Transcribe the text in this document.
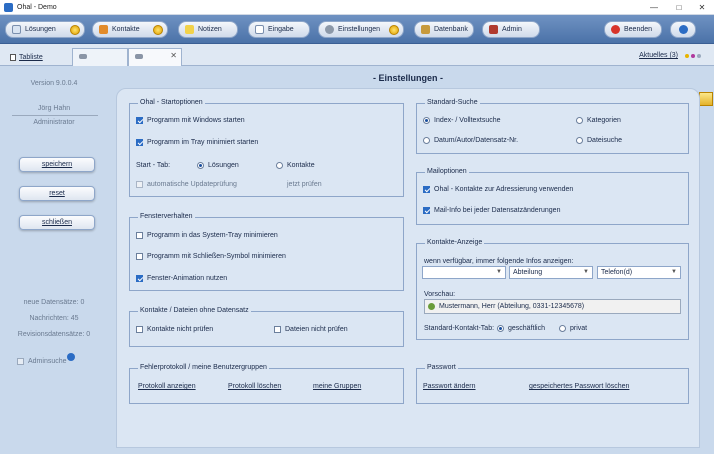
Ohal - Demo	—	□	✕
Lösungen	Kontakte	Notizen	Eingabe	Einstellungen	Datenbank	Admin	Beenden
Tabliste	✕	Aktuelles (3)
Version 9.0.0.4
Jörg Hahn
Administrator
speichern
reset
schließen
neue Datensätze: 0
Nachrichten: 45
Revisionsdatensätze: 0
Adminsuche
- Einstellungen -
Ohal - Startoptionen
Programm mit Windows starten
Programm im Tray minimiert starten
Start - Tab:	Lösungen	Kontakte
automatische Updateprüfung	jetzt prüfen
Fensterverhalten
Programm in das System-Tray minimieren
Programm mit Schließen-Symbol minimieren
Fenster-Animation nutzen
Kontakte / Dateien ohne Datensatz
Kontakte nicht prüfen	Dateien nicht prüfen
Fehlerprotokoll / meine Benutzergruppen
Protokoll anzeigen	Protokoll löschen	meine Gruppen
Standard-Suche
Index- / Volltextsuche	Kategorien
Datum/Autor/Datensatz-Nr.	Dateisuche
Mailoptionen
Ohal - Kontakte zur Adressierung verwenden
Mail-Info bei jeder Datensatzänderungen
Kontakte-Anzeige
wenn verfügbar, immer folgende Infos anzeigen:
▼	Abteilung	▼	Telefon(d)	▼
Vorschau:
Mustermann, Herr (Abteilung, 0331-12345678)
Standard-Kontakt-Tab: geschäftlich	privat
Passwort
Passwort ändern	gespeichertes Passwort löschen
